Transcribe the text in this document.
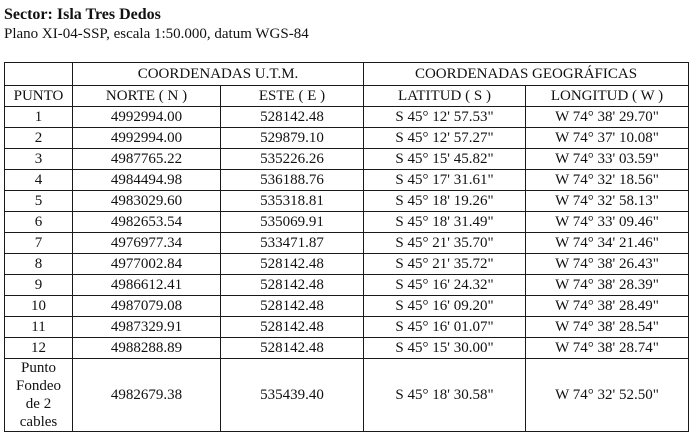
Sector: Isla Tres Dedos
Plano XI-04-SSP, escala 1:50.000, datum WGS-84
	COORDENADAS U.T.M.		COORDENADAS GEOGRÁFICAS	
PUNTO	NORTE ( N )	ESTE ( E )	LATITUD ( S )	LONGITUD ( W )
1	4992994.00	528142.48	S 45° 12' 57.53"	W 74° 38' 29.70"
2	4992994.00	529879.10	S 45° 12' 57.27"	W 74° 37' 10.08"
3	4987765.22	535226.26	S 45° 15' 45.82"	W 74° 33' 03.59"
4	4984494.98	536188.76	S 45° 17' 31.61"	W 74° 32' 18.56"
5	4983029.60	535318.81	S 45° 18' 19.26"	W 74° 32' 58.13"
6	4982653.54	535069.91	S 45° 18' 31.49"	W 74° 33' 09.46"
7	4976977.34	533471.87	S 45° 21' 35.70"	W 74° 34' 21.46"
8	4977002.84	528142.48	S 45° 21' 35.72"	W 74° 38' 26.43"
9	4986612.41	528142.48	S 45° 16' 24.32"	W 74° 38' 28.39"
10	4987079.08	528142.48	S 45° 16' 09.20"	W 74° 38' 28.49"
11	4987329.91	528142.48	S 45° 16' 01.07"	W 74° 38' 28.54"
12	4988288.89	528142.48	S 45° 15' 30.00"	W 74° 38' 28.74"

Punto
Fondeo
de 2
cables	4982679.38	535439.40	S 45° 18' 30.58"	W 74° 32' 52.50"
